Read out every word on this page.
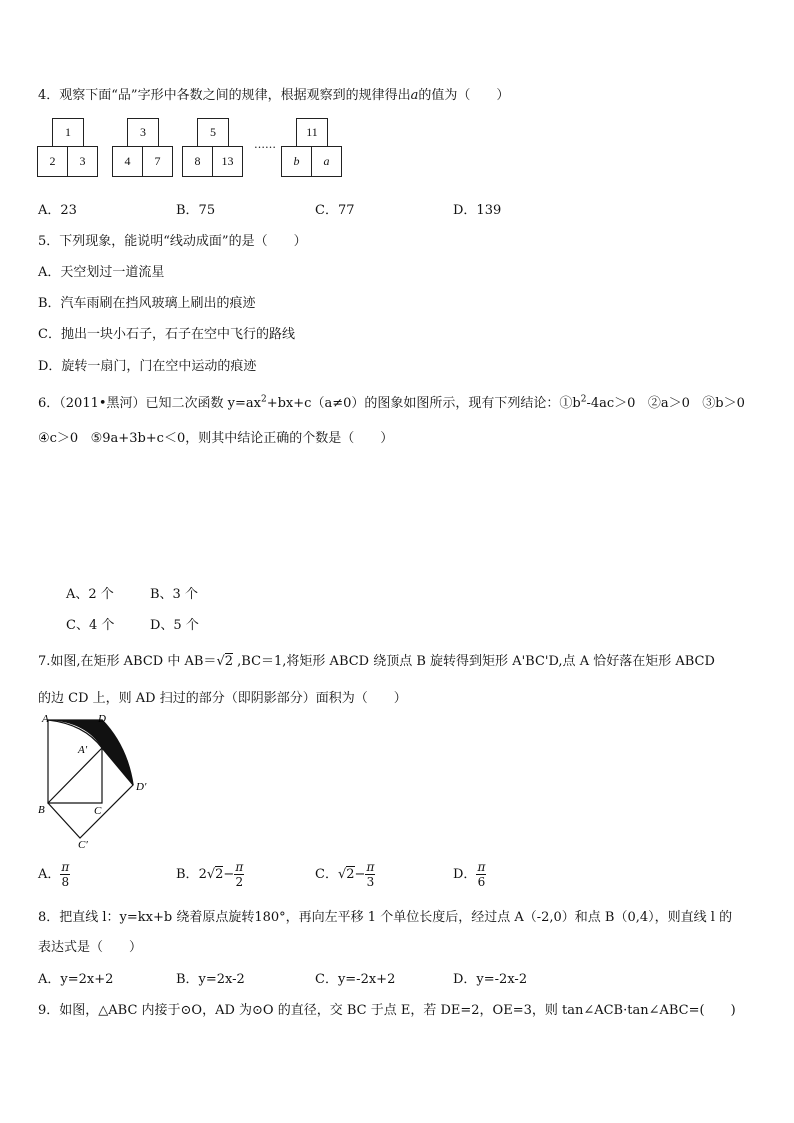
4．观察下面“品”字形中各数之间的规律，根据观察到的规律得出a的值为（　　）
1
2	3
3
4	7
5
8	13
……
11
b	a
A．23	B．75	C．77	D．139
5．下列现象，能说明“线动成面”的是（　　）
A．天空划过一道流星
B．汽车雨刷在挡风玻璃上刷出的痕迹
C．抛出一块小石子，石子在空中飞行的路线
D．旋转一扇门，门在空中运动的痕迹
6．（2011•黑河）已知二次函数 $y=ax^2+bx+c(a\ne 0)$的图象如图所示，现有下列结论：$①b^2-4ac>0$ ②a＞0 ③b＞0
④c＞0 ⑤9a+3b+c＜0，则其中结论正确的个数是（　　）
A、2 个	B、3 个
C、4 个	D、5 个
7.如图,在矩形 ABCD 中 AB＝√2 ,BC＝1,将矩形 ABCD 绕顶点 B 旋转得到矩形 A'BC'D,点 A 恰好落在矩形 ABCD
的边 CD 上，则 AD 扫过的部分（即阴影部分）面积为（　　）
A	D
A′
D′
B	C
C′
A． $\frac{\pi}{8}$	B．$2√2- \frac{\pi}{2}$	C．$√2- \frac{\pi}{3}$	D． $\frac{\pi}{6}$
8．把直线 l：y=kx+b 绕着原点旋转180°，再向左平移 1 个单位长度后，经过点 A（-2,0）和点 B（0,4），则直线 l 的
表达式是（　　）
A．y=2x+2	B．y=2x-2	C．y=-2x+2	D．y=-2x-2
9．如图，△ABC 内接于⊙O，AD 为⊙O 的直径，交 BC 于点 E，若 DE=2，OE=3，则 tan∠ACB·tan∠ABC=(　　)
